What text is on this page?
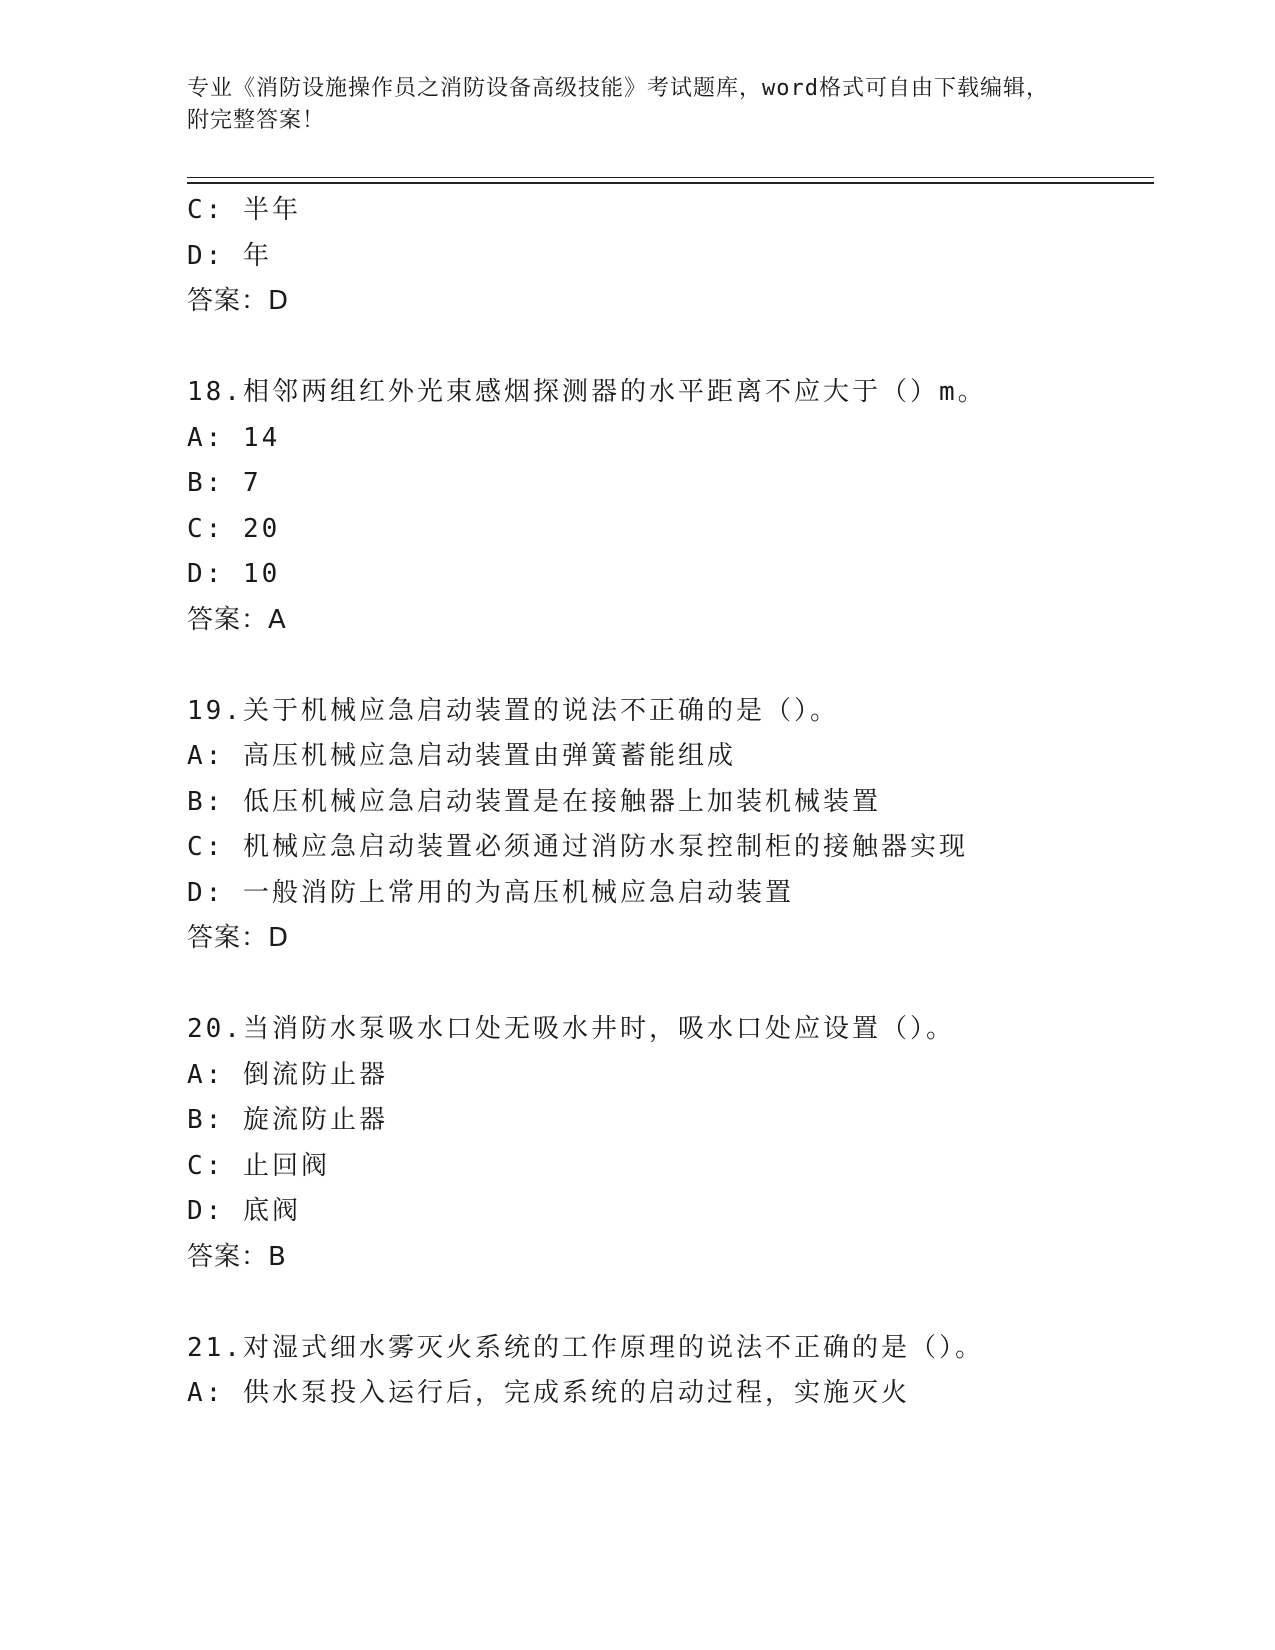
专业《消防设施操作员之消防设备高级技能》考试题库，word格式可自由下载编辑，附完整答案！
C: 半年
D: 年
答案：D
18.相邻两组红外光束感烟探测器的水平距离不应大于（）m。
A: 14
B: 7
C: 20
D: 10
答案：A
19.关于机械应急启动装置的说法不正确的是（）。
A: 高压机械应急启动装置由弹簧蓄能组成
B: 低压机械应急启动装置是在接触器上加装机械装置
C: 机械应急启动装置必须通过消防水泵控制柜的接触器实现
D: 一般消防上常用的为高压机械应急启动装置
答案：D
20.当消防水泵吸水口处无吸水井时，吸水口处应设置（）。
A: 倒流防止器
B: 旋流防止器
C: 止回阀
D: 底阀
答案：B
21.对湿式细水雾灭火系统的工作原理的说法不正确的是（）。
A: 供水泵投入运行后，完成系统的启动过程，实施灭火
